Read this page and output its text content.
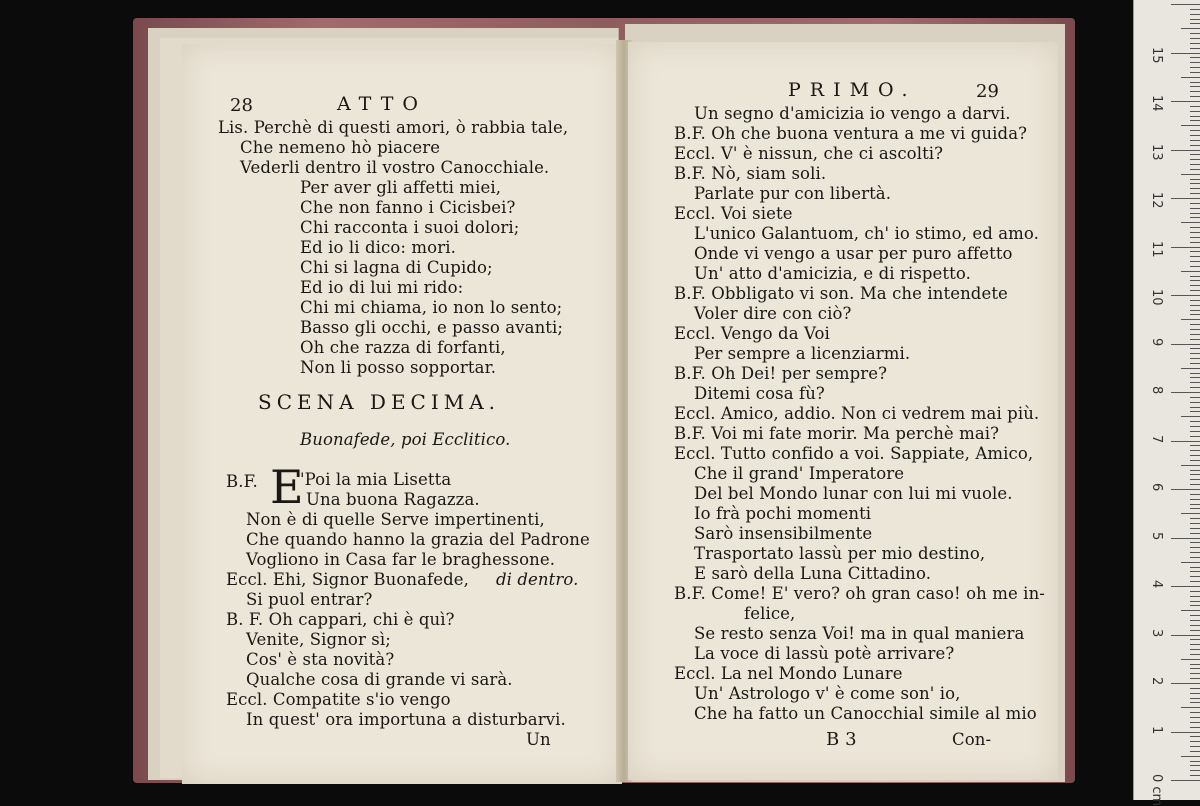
28	ATTO
Lis. Perchè di questi amori, ò rabbia tale,
Che nemeno hò piacere
Vederli dentro il vostro Canocchiale.
Per aver gli affetti miei,
Che non fanno i Cicisbei?
Chi racconta i suoi dolori;
Ed io li dico: mori.
Chi si lagna di Cupido;
Ed io di lui mi rido:
Chi mi chiama, io non lo sento;
Basso gli occhi, e passo avanti;
Oh che razza di forfanti,
Non li posso sopportar.
SCENA DECIMA.
Buonafede, poi Ecclitico.
B.F. E
'Poi la mia Lisetta
Una buona Ragazza.
Non è di quelle Serve impertinenti,
Che quando hanno la grazia del Padrone
Vogliono in Casa far le braghessone.
Eccl. Ehi, Signor Buonafede, di dentro.
Si puol entrar?
B. F. Oh cappari, chi è quì?
Venite, Signor sì;
Cos' è sta novità?
Qualche cosa di grande vi sarà.
Eccl. Compatite s'io vengo
In quest' ora importuna a disturbarvi.
Un
PRIMO.	29
Un segno d'amicizia io vengo a darvi.
B.F. Oh che buona ventura a me vi guida?
Eccl. V' è nissun, che ci ascolti?
B.F. Nò, siam soli.
Parlate pur con libertà.
Eccl. Voi siete
L'unico Galantuom, ch' io stimo, ed amo.
Onde vi vengo a usar per puro affetto
Un' atto d'amicizia, e di rispetto.
B.F. Obbligato vi son. Ma che intendete
Voler dire con ciò?
Eccl. Vengo da Voi
Per sempre a licenziarmi.
B.F. Oh Dei! per sempre?
Ditemi cosa fù?
Eccl. Amico, addio. Non ci vedrem mai più.
B.F. Voi mi fate morir. Ma perchè mai?
Eccl. Tutto confido a voi. Sappiate, Amico,
Che il grand' Imperatore
Del bel Mondo lunar con lui mi vuole.
Io frà pochi momenti
Sarò insensibilmente
Trasportato lassù per mio destino,
E sarò della Luna Cittadino.
B.F. Come! E' vero? oh gran caso! oh me in-
felice,
Se resto senza Voi! ma in qual maniera
La voce di lassù potè arrivare?
Eccl. La nel Mondo Lunare
Un' Astrologo v' è come son' io,
Che ha fatto un Canocchial simile al mio
B 3	Con-
0 cm
1
2
3
4
5
6
7
8
9
10
11
12
13
14
15
